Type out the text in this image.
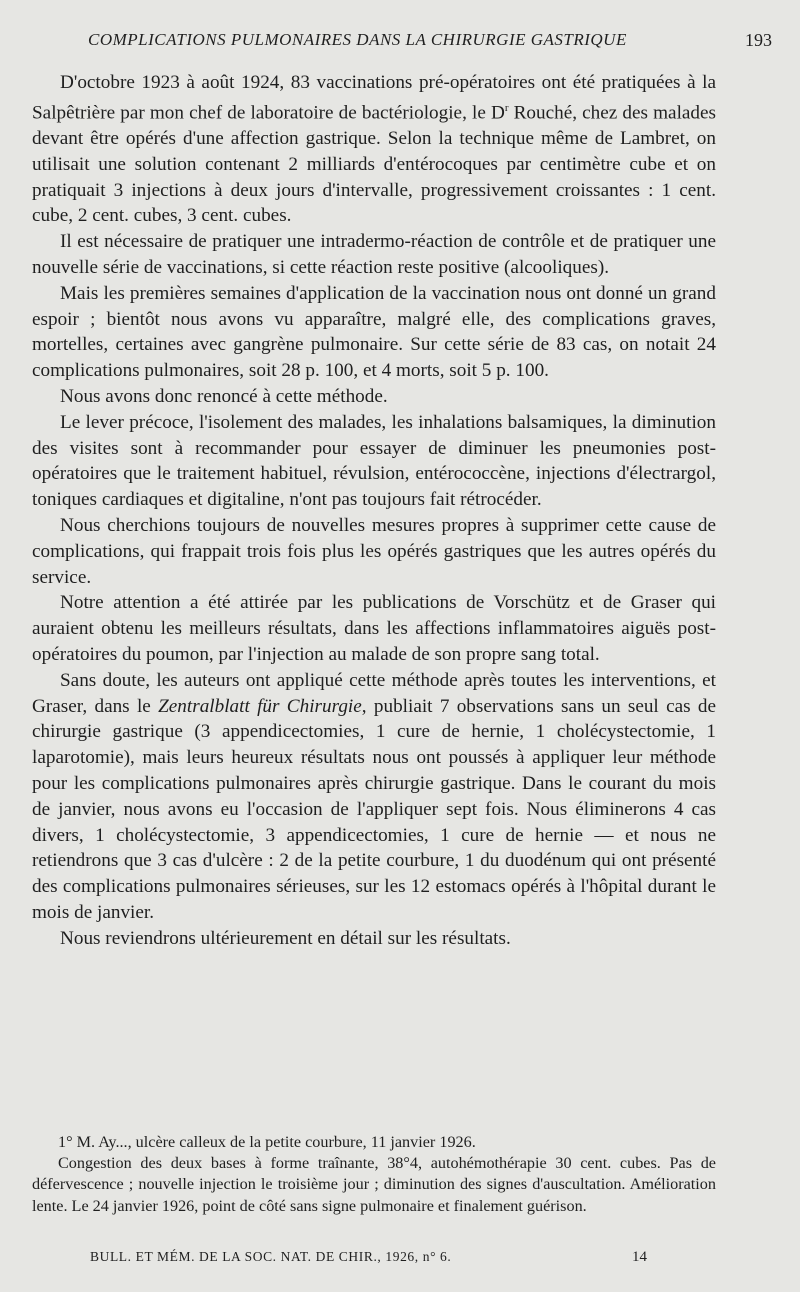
COMPLICATIONS PULMONAIRES DANS LA CHIRURGIE GASTRIQUE	193

D'octobre 1923 à août 1924, 83 vaccinations pré-opératoires ont été pratiquées à la Salpêtrière par mon chef de laboratoire de bactériologie, le $D^r$ Rouché, chez des malades devant être opérés d'une affection gastrique. Selon la technique même de Lambret, on utilisait une solution contenant 2 milliards d'entérocoques par centimètre cube et on pratiquait 3 injections à deux jours d'intervalle, progressivement croissantes : 1 cent. cube, 2 cent. cubes, 3 cent. cubes.

Il est nécessaire de pratiquer une intradermo-réaction de contrôle et de pratiquer une nouvelle série de vaccinations, si cette réaction reste positive (alcooliques).

Mais les premières semaines d'application de la vaccination nous ont donné un grand espoir ; bientôt nous avons vu apparaître, malgré elle, des complications graves, mortelles, certaines avec gangrène pulmonaire. Sur cette série de 83 cas, on notait 24 complications pulmonaires, soit 28 p. 100, et 4 morts, soit 5 p. 100.

Nous avons donc renoncé à cette méthode.

Le lever précoce, l'isolement des malades, les inhalations balsamiques, la diminution des visites sont à recommander pour essayer de diminuer les pneumonies post-opératoires que le traitement habituel, révulsion, entérococcène, injections d'électrargol, toniques cardiaques et digitaline, n'ont pas toujours fait rétrocéder.

Nous cherchions toujours de nouvelles mesures propres à supprimer cette cause de complications, qui frappait trois fois plus les opérés gastriques que les autres opérés du service.

Notre attention a été attirée par les publications de Vorschütz et de Graser qui auraient obtenu les meilleurs résultats, dans les affections inflammatoires aiguës post-opératoires du poumon, par l'injection au malade de son propre sang total.

Sans doute, les auteurs ont appliqué cette méthode après toutes les interventions, et Graser, dans le Zentralblatt für Chirurgie, publiait 7 observations sans un seul cas de chirurgie gastrique (3 appendicectomies, 1 cure de hernie, 1 cholécystectomie, 1 laparotomie), mais leurs heureux résultats nous ont poussés à appliquer leur méthode pour les complications pulmonaires après chirurgie gastrique. Dans le courant du mois de janvier, nous avons eu l'occasion de l'appliquer sept fois. Nous éliminerons 4 cas divers, 1 cholécystectomie, 3 appendicectomies, 1 cure de hernie — et nous ne retiendrons que 3 cas d'ulcère : 2 de la petite courbure, 1 du duodénum qui ont présenté des complications pulmonaires sérieuses, sur les 12 estomacs opérés à l'hôpital durant le mois de janvier.

Nous reviendrons ultérieurement en détail sur les résultats.

1° M. Ay..., ulcère calleux de la petite courbure, 11 janvier 1926.

Congestion des deux bases à forme traînante, 38°4, autohémothérapie 30 cent. cubes. Pas de défervescence ; nouvelle injection le troisième jour ; diminution des signes d'auscultation. Amélioration lente. Le 24 janvier 1926, point de côté sans signe pulmonaire et finalement guérison.

BULL. ET MÉM. DE LA SOC. NAT. DE CHIR., 1926, n° 6.	14
